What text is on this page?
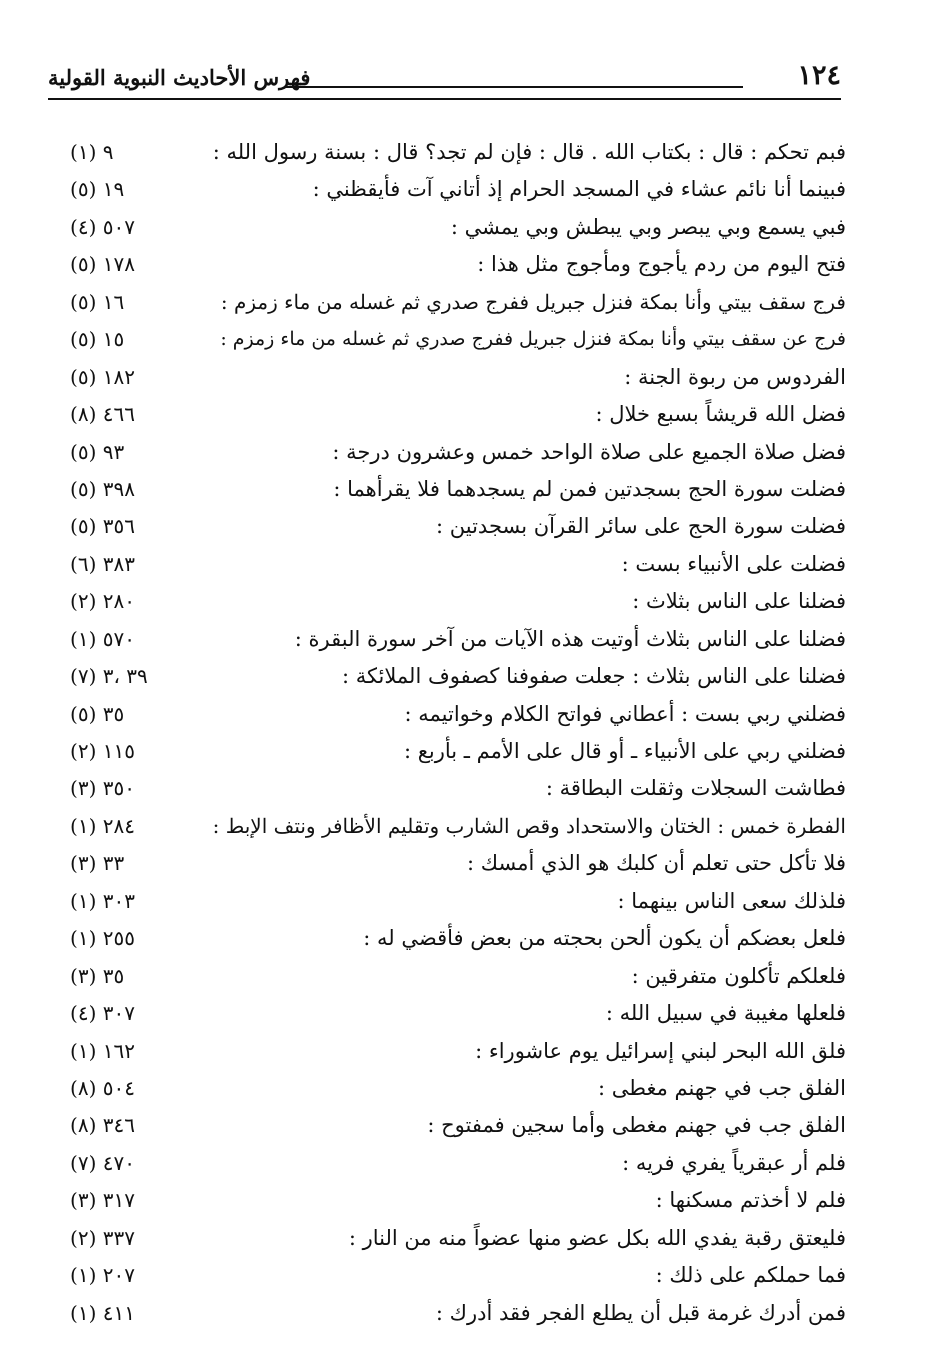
١٢٤
فهرس الأحاديث النبوية القولية
فبم تحكم : قال : بكتاب الله . قال : فإن لم تجد؟ قال : بسنة رسول الله :
٩ (١)
فبينما أنا نائم عشاء في المسجد الحرام إذ أتاني آت فأيقظني :
١٩ (٥)
فبي يسمع وبي يبصر وبي يبطش وبي يمشي :
٥٠٧ (٤)
فتح اليوم من ردم يأجوج ومأجوج مثل هذا :
١٧٨ (٥)
فرج سقف بيتي وأنا بمكة فنزل جبريل ففرج صدري ثم غسله من ماء زمزم :
١٦ (٥)
فرج عن سقف بيتي وأنا بمكة فنزل جبريل ففرج صدري ثم غسله من ماء زمزم :
١٥ (٥)
الفردوس من ربوة الجنة :
١٨٢ (٥)
فضل الله قريشاً بسبع خلال :
٤٦٦ (٨)
فضل صلاة الجميع على صلاة الواحد خمس وعشرون درجة :
٩٣ (٥)
فضلت سورة الحج بسجدتين فمن لم يسجدهما فلا يقرأهما :
٣٩٨ (٥)
فضلت سورة الحج على سائر القرآن بسجدتين :
٣٥٦ (٥)
فضلت على الأنبياء بست :
٣٨٣ (٦)
فضلنا على الناس بثلاث :
٢٨٠ (٢)
فضلنا على الناس بثلاث أوتيت هذه الآيات من آخر سورة البقرة :
٥٧٠ (١)
فضلنا على الناس بثلاث : جعلت صفوفنا كصفوف الملائكة :
٣٩ ،٣ (٧)
فضلني ربي بست : أعطاني فواتح الكلام وخواتيمه :
٣٥ (٥)
فضلني ربي على الأنبياء ـ أو قال على الأمم ـ بأربع :
١١٥ (٢)
فطاشت السجلات وثقلت البطاقة :
٣٥٠ (٣)
الفطرة خمس : الختان والاستحداد وقص الشارب وتقليم الأظافر ونتف الإبط :
٢٨٤ (١)
فلا تأكل حتى تعلم أن كلبك هو الذي أمسك :
٣٣ (٣)
فلذلك سعى الناس بينهما :
٣٠٣ (١)
فلعل بعضكم أن يكون ألحن بحجته من بعض فأقضي له :
٢٥٥ (١)
فلعلكم تأكلون متفرقين :
٣٥ (٣)
فلعلها مغيبة في سبيل الله :
٣٠٧ (٤)
فلق الله البحر لبني إسرائيل يوم عاشوراء :
١٦٢ (١)
الفلق جب في جهنم مغطى :
٥٠٤ (٨)
الفلق جب في جهنم مغطى وأما سجين فمفتوح :
٣٤٦ (٨)
فلم أر عبقرياً يفري فريه :
٤٧٠ (٧)
فلم لا أخذتم مسكنها :
٣١٧ (٣)
فليعتق رقبة يفدي الله بكل عضو منها عضواً منه من النار :
٣٣٧ (٢)
فما حملكم على ذلك :
٢٠٧ (١)
فمن أدرك غرمة قبل أن يطلع الفجر فقد أدرك :
٤١١ (١)
